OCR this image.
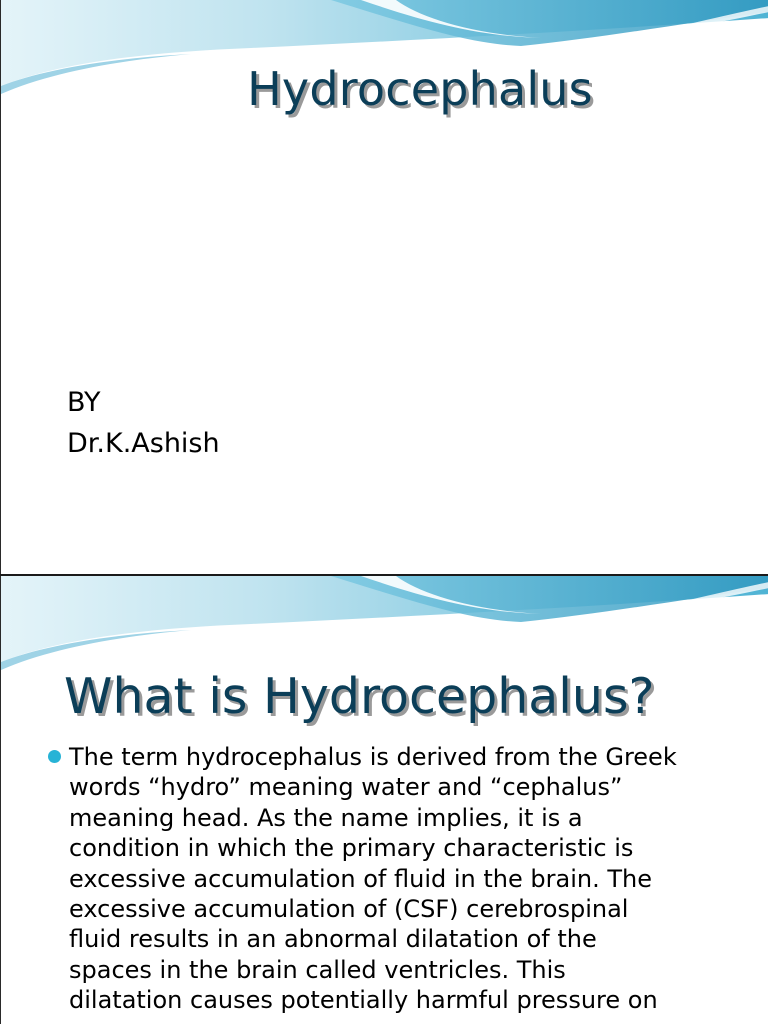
Hydrocephalus
BY
Dr.K.Ashish
What is Hydrocephalus?
The term hydrocephalus is derived from the Greek
words “hydro” meaning water and “cephalus”
meaning head. As the name implies, it is a
condition in which the primary characteristic is
excessive accumulation of fluid in the brain. The
excessive accumulation of (CSF) cerebrospinal
fluid results in an abnormal dilatation of the
spaces in the brain called ventricles. This
dilatation causes potentially harmful pressure on
